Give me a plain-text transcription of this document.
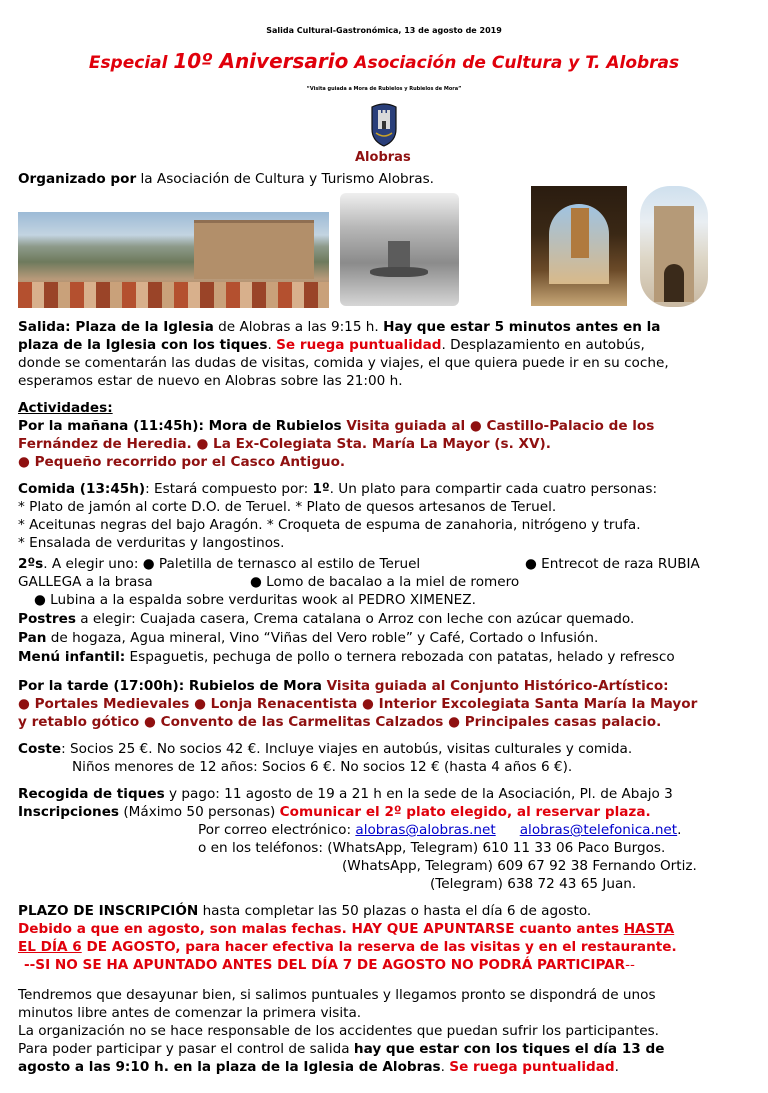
Salida Cultural-Gastronómica, 13 de agosto de 2019
Especial 10º Aniversario Asociación de Cultura y T. Alobras
“Visita guiada a Mora de Rubielos y Rubielos de Mora”
Alobras
Organizado por la Asociación de Cultura y Turismo Alobras.
Salida: Plaza de la Iglesia de Alobras a las 9:15 h. Hay que estar 5 minutos antes en la
plaza de la Iglesia con los tiques. Se ruega puntualidad. Desplazamiento en autobús,
donde se comentarán las dudas de visitas, comida y viajes, el que quiera puede ir en su coche,
esperamos estar de nuevo en Alobras sobre las 21:00 h.
Actividades:
Por la mañana (11:45h): Mora de Rubielos Visita guiada al ● Castillo-Palacio de los
Fernández de Heredia. ● La Ex-Colegiata Sta. María La Mayor (s. XV).
● Pequeño recorrido por el Casco Antiguo.
Comida (13:45h): Estará compuesto por: 1º. Un plato para compartir cada cuatro personas:
* Plato de jamón al corte D.O. de Teruel. * Plato de quesos artesanos de Teruel.
* Aceitunas negras del bajo Aragón. * Croqueta de espuma de zanahoria, nitrógeno y trufa.
* Ensalada de verduritas y langostinos.
2ºs. A elegir uno: ● Paletilla de ternasco al estilo de Teruel	● Entrecot de raza RUBIA
GALLEGA a la brasa	● Lomo de bacalao a la miel de romero
● Lubina a la espalda sobre verduritas wook al PEDRO XIMENEZ.
Postres a elegir: Cuajada casera, Crema catalana o Arroz con leche con azúcar quemado.
Pan de hogaza, Agua mineral, Vino “Viñas del Vero roble” y Café, Cortado o Infusión.
Menú infantil: Espaguetis, pechuga de pollo o ternera rebozada con patatas, helado y refresco
Por la tarde (17:00h): Rubielos de Mora Visita guiada al Conjunto Histórico-Artístico:
● Portales Medievales ● Lonja Renacentista ● Interior Excolegiata Santa María la Mayor
y retablo gótico ● Convento de las Carmelitas Calzados ● Principales casas palacio.
Coste: Socios 25 €. No socios 42 €. Incluye viajes en autobús, visitas culturales y comida.
Niños menores de 12 años: Socios 6 €. No socios 12 € (hasta 4 años 6 €).
Recogida de tiques y pago: 11 agosto de 19 a 21 h en la sede de la Asociación, Pl. de Abajo 3
Inscripciones (Máximo 50 personas) Comunicar el 2º plato elegido, al reservar plaza.
Por correo electrónico: alobras@alobras.net alobras@telefonica.net.
o en los teléfonos: (WhatsApp, Telegram) 610 11 33 06 Paco Burgos.
(WhatsApp, Telegram) 609 67 92 38 Fernando Ortiz.
(Telegram) 638 72 43 65 Juan.
PLAZO DE INSCRIPCIÓN hasta completar las 50 plazas o hasta el día 6 de agosto.
Debido a que en agosto, son malas fechas. HAY QUE APUNTARSE cuanto antes HASTA
EL DÍA 6 DE AGOSTO, para hacer efectiva la reserva de las visitas y en el restaurante.
--SI NO SE HA APUNTADO ANTES DEL DÍA 7 DE AGOSTO NO PODRÁ PARTICIPAR--
Tendremos que desayunar bien, si salimos puntuales y llegamos pronto se dispondrá de unos
minutos libre antes de comenzar la primera visita.
La organización no se hace responsable de los accidentes que puedan sufrir los participantes.
Para poder participar y pasar el control de salida hay que estar con los tiques el día 13 de
agosto a las 9:10 h. en la plaza de la Iglesia de Alobras. Se ruega puntualidad.
